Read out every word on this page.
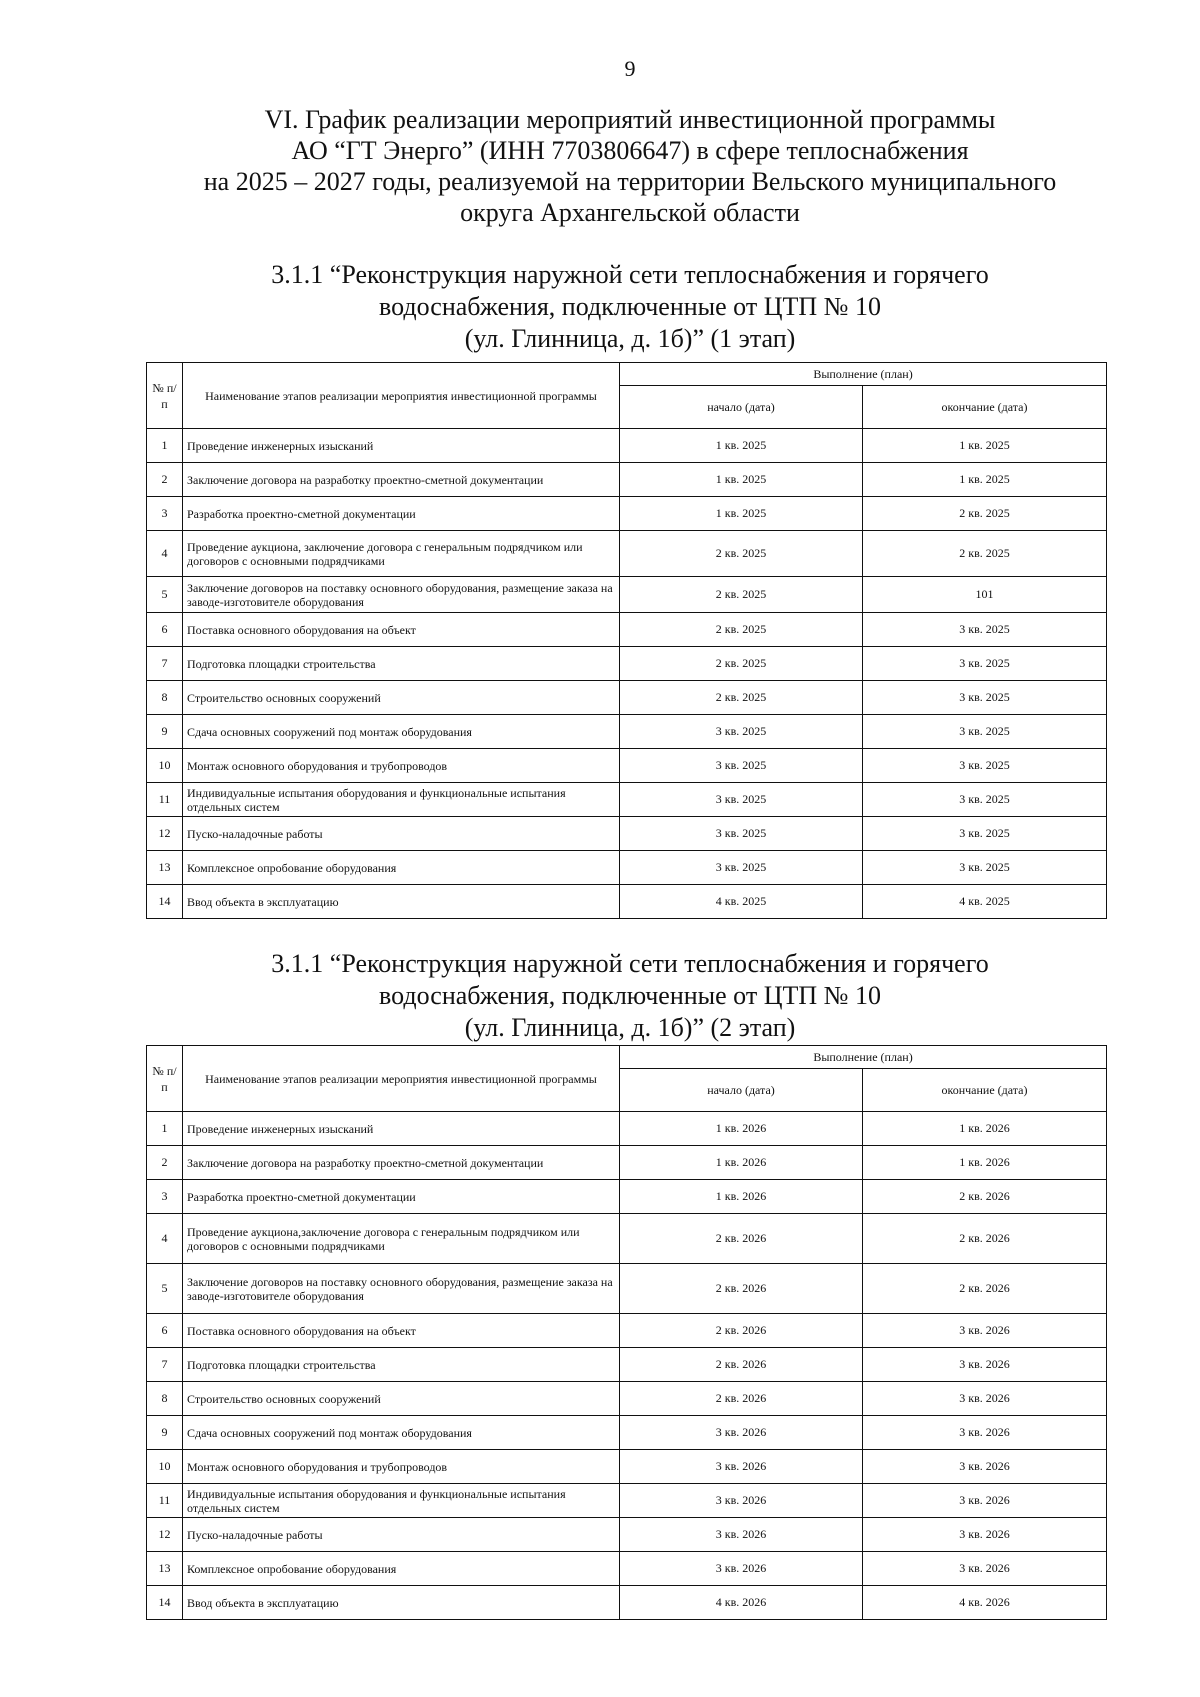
9
VI. График реализации мероприятий инвестиционной программы
АО “ГТ Энерго” (ИНН 7703806647) в сфере теплоснабжения
на 2025 – 2027 годы, реализуемой на территории Вельского муниципального
округа Архангельской области
3.1.1 “Реконструкция наружной сети теплоснабжения и горячего
водоснабжения, подключенные от ЦТП № 10
(ул. Глинница, д. 1б)” (1 этап)
№ п/п	Наименование этапов реализации мероприятия инвестиционной программы	Выполнение (план)	
		начало (дата)	окончание (дата)
1	Проведение инженерных изысканий	1 кв. 2025	1 кв. 2025
2	Заключение договора на разработку проектно-сметной документации	1 кв. 2025	1 кв. 2025
3	Разработка проектно-сметной документации	1 кв. 2025	2 кв. 2025
4	Проведение аукциона, заключение договора с генеральным подрядчиком или договоров с основными подрядчиками	2 кв. 2025	2 кв. 2025
5	Заключение договоров на поставку основного оборудования, размещение заказа на заводе-изготовителе оборудования	2 кв. 2025	101
6	Поставка основного оборудования на объект	2 кв. 2025	3 кв. 2025
7	Подготовка площадки строительства	2 кв. 2025	3 кв. 2025
8	Строительство основных сооружений	2 кв. 2025	3 кв. 2025
9	Сдача основных сооружений под монтаж оборудования	3 кв. 2025	3 кв. 2025
10	Монтаж основного оборудования и трубопроводов	3 кв. 2025	3 кв. 2025
11	Индивидуальные испытания оборудования и функциональные испытания отдельных систем	3 кв. 2025	3 кв. 2025
12	Пуско-наладочные работы	3 кв. 2025	3 кв. 2025
13	Комплексное опробование оборудования	3 кв. 2025	3 кв. 2025
14	Ввод объекта в эксплуатацию	4 кв. 2025	4 кв. 2025
3.1.1 “Реконструкция наружной сети теплоснабжения и горячего
водоснабжения, подключенные от ЦТП № 10
(ул. Глинница, д. 1б)” (2 этап)
№ п/п	Наименование этапов реализации мероприятия инвестиционной программы	Выполнение (план)	
		начало (дата)	окончание (дата)
1	Проведение инженерных изысканий	1 кв. 2026	1 кв. 2026
2	Заключение договора на разработку проектно-сметной документации	1 кв. 2026	1 кв. 2026
3	Разработка проектно-сметной документации	1 кв. 2026	2 кв. 2026
4	Проведение аукциона,заключение договора с генеральным подрядчиком или договоров с основными подрядчиками	2 кв. 2026	2 кв. 2026
5	Заключение договоров на поставку основного оборудования, размещение заказа на заводе-изготовителе оборудования	2 кв. 2026	2 кв. 2026
6	Поставка основного оборудования на объект	2 кв. 2026	3 кв. 2026
7	Подготовка площадки строительства	2 кв. 2026	3 кв. 2026
8	Строительство основных сооружений	2 кв. 2026	3 кв. 2026
9	Сдача основных сооружений под монтаж оборудования	3 кв. 2026	3 кв. 2026
10	Монтаж основного оборудования и трубопроводов	3 кв. 2026	3 кв. 2026
11	Индивидуальные испытания оборудования и функциональные испытания отдельных систем	3 кв. 2026	3 кв. 2026
12	Пуско-наладочные работы	3 кв. 2026	3 кв. 2026
13	Комплексное опробование оборудования	3 кв. 2026	3 кв. 2026
14	Ввод объекта в эксплуатацию	4 кв. 2026	4 кв. 2026
